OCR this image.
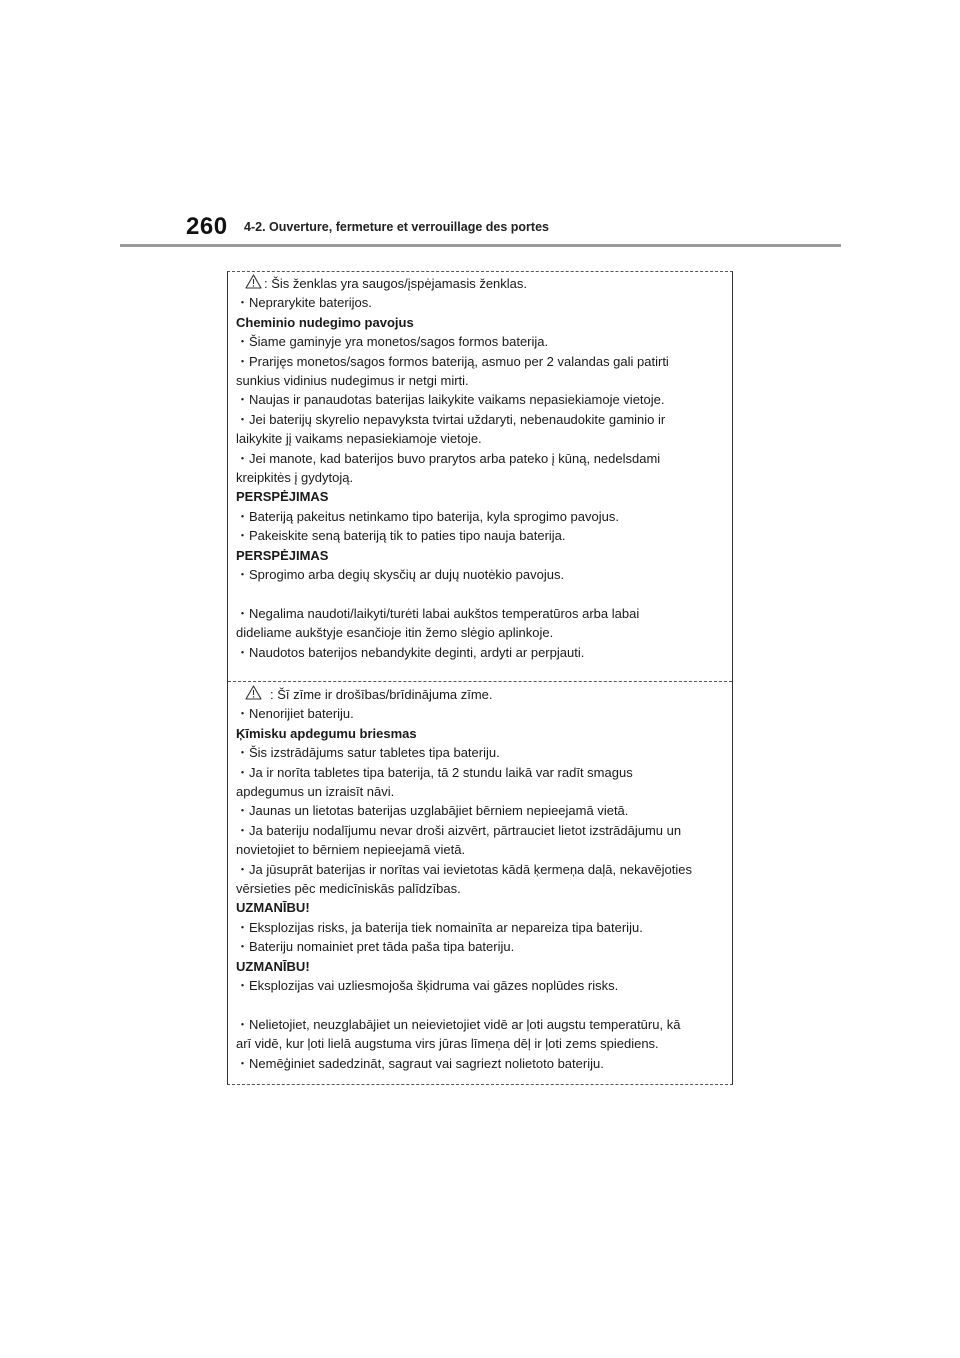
260 4-2. Ouverture, fermeture et verrouillage des portes
: Šis ženklas yra saugos/įspėjamasis ženklas.
・Neprarykite baterijos.
Cheminio nudegimo pavojus
・Šiame gaminyje yra monetos/sagos formos baterija.
・Prarijęs monetos/sagos formos bateriją, asmuo per 2 valandas gali patirti
sunkius vidinius nudegimus ir netgi mirti.
・Naujas ir panaudotas baterijas laikykite vaikams nepasiekiamoje vietoje.
・Jei baterijų skyrelio nepavyksta tvirtai uždaryti, nebenaudokite gaminio ir
laikykite jį vaikams nepasiekiamoje vietoje.
・Jei manote, kad baterijos buvo prarytos arba pateko į kūną, nedelsdami
kreipkitės į gydytoją.
PERSPĖJIMAS
・Bateriją pakeitus netinkamo tipo baterija, kyla sprogimo pavojus.
・Pakeiskite seną bateriją tik to paties tipo nauja baterija.
PERSPĖJIMAS
・Sprogimo arba degių skysčių ar dujų nuotėkio pavojus.
・Negalima naudoti/laikyti/turėti labai aukštos temperatūros arba labai
dideliame aukštyje esančioje itin žemo slėgio aplinkoje.
・Naudotos baterijos nebandykite deginti, ardyti ar perpjauti.
: Šī zīme ir drošības/brīdinājuma zīme.
・Nenorijiet bateriju.
Ķīmisku apdegumu briesmas
・Šis izstrādājums satur tabletes tipa bateriju.
・Ja ir norīta tabletes tipa baterija, tā 2 stundu laikā var radīt smagus
apdegumus un izraisīt nāvi.
・Jaunas un lietotas baterijas uzglabājiet bērniem nepieejamā vietā.
・Ja bateriju nodalījumu nevar droši aizvērt, pārtrauciet lietot izstrādājumu un
novietojiet to bērniem nepieejamā vietā.
・Ja jūsuprāt baterijas ir norītas vai ievietotas kādā ķermeņa daļā, nekavējoties
vērsieties pēc medicīniskās palīdzības.
UZMANĪBU!
・Eksplozijas risks, ja baterija tiek nomainīta ar nepareiza tipa bateriju.
・Bateriju nomainiet pret tāda paša tipa bateriju.
UZMANĪBU!
・Eksplozijas vai uzliesmojoša šķidruma vai gāzes noplūdes risks.
・Nelietojiet, neuzglabājiet un neievietojiet vidē ar ļoti augstu temperatūru, kā
arī vidē, kur ļoti lielā augstuma virs jūras līmeņa dēļ ir ļoti zems spiediens.
・Nemēģiniet sadedzināt, sagraut vai sagriezt nolietoto bateriju.
